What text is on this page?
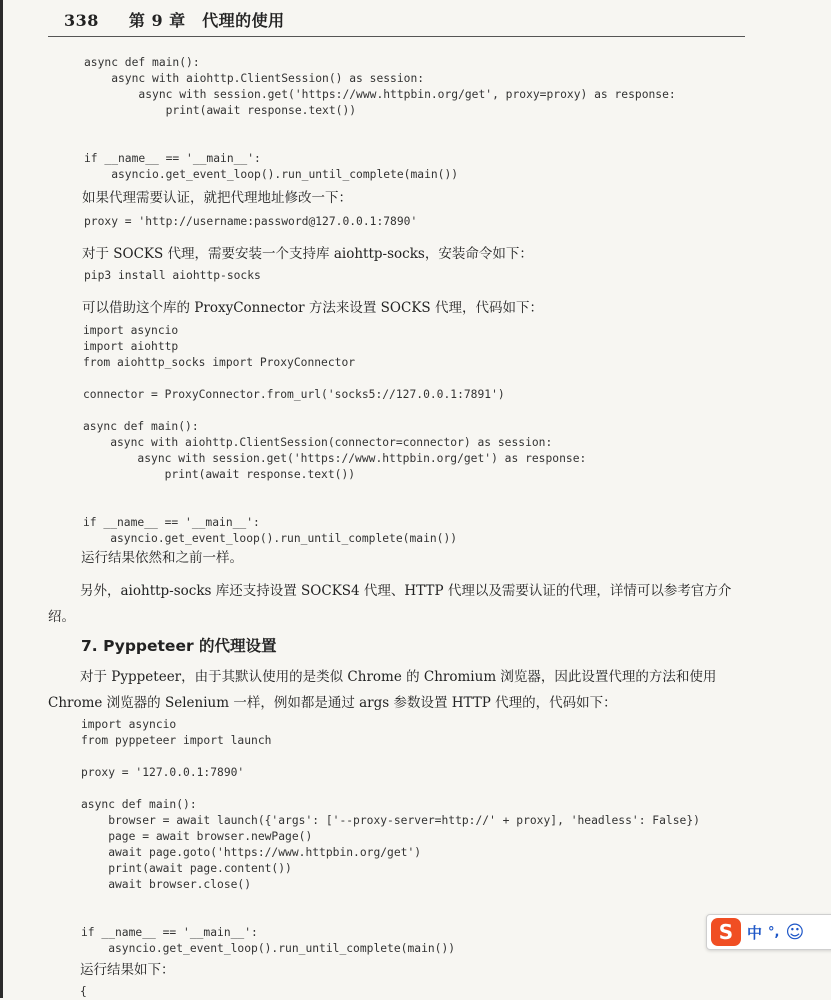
338 第 9 章　代理的使用
async def main():
async with aiohttp.ClientSession() as session:
async with session.get('https://www.httpbin.org/get', proxy=proxy) as response:
print(await response.text())

if __name__ == '__main__':
asyncio.get_event_loop().run_until_complete(main())
如果代理需要认证，就把代理地址修改一下：
proxy = 'http://username:password@127.0.0.1:7890'
对于 SOCKS 代理，需要安装一个支持库 aiohttp-socks，安装命令如下：
pip3 install aiohttp-socks
可以借助这个库的 ProxyConnector 方法来设置 SOCKS 代理，代码如下：
import asyncio
import aiohttp
from aiohttp_socks import ProxyConnector

connector = ProxyConnector.from_url('socks5://127.0.0.1:7891')

async def main():
async with aiohttp.ClientSession(connector=connector) as session:
async with session.get('https://www.httpbin.org/get') as response:
print(await response.text())

if __name__ == '__main__':
asyncio.get_event_loop().run_until_complete(main())
运行结果依然和之前一样。
另外，aiohttp-socks 库还支持设置 SOCKS4 代理、HTTP 代理以及需要认证的代理，详情可以参考官方介绍。
7. Pyppeteer 的代理设置
对于 Pyppeteer，由于其默认使用的是类似 Chrome 的 Chromium 浏览器，因此设置代理的方法和使用 Chrome 浏览器的 Selenium 一样，例如都是通过 args 参数设置 HTTP 代理的，代码如下：
import asyncio
from pyppeteer import launch

proxy = '127.0.0.1:7890'

async def main():
browser = await launch({'args': ['--proxy-server=http://' + proxy], 'headless': False})
page = await browser.newPage()
await page.goto('https://www.httpbin.org/get')
print(await page.content())
await browser.close()

if __name__ == '__main__':
asyncio.get_event_loop().run_until_complete(main())
运行结果如下：
{
S 中 °, ☺
